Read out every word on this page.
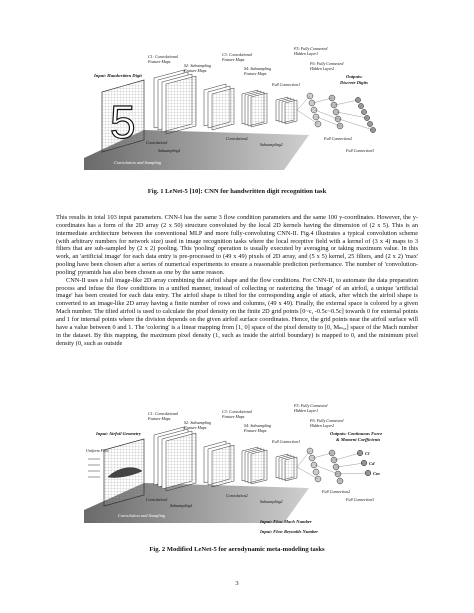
Convolution and Sampling
5
Input: Handwritten Digit
C1: Convolutional
Feature Maps
S2: Subsampling
Feature Maps
C3: Convolutional
Feature Maps
S4: Subsampling
Feature Maps
F5: Fully Connected
Hidden Layer1
F6: Fully Connected
Hidden Layer2
Outputs:
Discrete Digits
Full Connection1
Full Connection2
Full Connection3
Convolution1
Subsampling1
Convolution2
Subsampling2
Fig. 1 LeNet-5 [10]: CNN for handwritten digit recognition task

This results in total 103 input parameters. CNN-I has the same 3 flow condition parameters and the same 100 y-coordinates. However, the y-coordinates has a form of the 2D array (2 x 50) structure convoluted by the local 2D kernels having the dimension of (2 x 5). This is an intermediate architecture between the conventional MLP and more fully-convoluting CNN-II. Fig.4 illustrates a typical convolution scheme (with arbitrary numbers for network size) used in image recognition tasks where the local receptive field with a kernel of (3 x 4) maps to 3 filters that are sub-sampled by (2 x 2) pooling. This 'pooling' operation is usually executed by averaging or taking maximum value. In this work, an 'artificial image' for each data entry is pre-processed to (49 x 49) pixels of 2D array, and (5 x 5) kernel, 25 filters, and (2 x 2) 'max' pooling have been chosen after a series of numerical experiments to ensure a reasonable prediction performance. The number of 'convolution-pooling' pyramids has also been chosen as one by the same reason.

CNN-II uses a full image-like 2D array combining the airfoil shape and the flow conditions. For CNN-II, to automate the data preparation process and infuse the flow conditions in a unified manner, instead of collecting or rasterizing the 'image' of an airfoil, a unique 'artificial image' has been created for each data entry. The airfoil shape is tilted for the corresponding angle of attack, after which the airfoil shape is converted to an image-like 2D array having a finite number of rows and columns, (49 x 49). Finally, the external space is colored by a given Mach number. The tilted airfoil is used to calculate the pixel density on the finite 2D grid points [0~c, -0.5c~0.5c] towards 0 for external points and 1 for internal points where the division depends on the given airfoil surface coordinates. Hence, the grid points near the airfoil surface will have a value between 0 and 1. The 'coloring' is a linear mapping from [1, 0] space of the pixel density to [0, Mₘₐₓ] space of the Mach number in the dataset. By this mapping, the maximum pixel density (1, such as inside the airfoil boundary) is mapped to 0, and the minimum pixel density (0, such as outside

Convolution and Sampling
Input: Airfoil Geometry
Uniform Flow
Cl
Cd
Cm
C1: Convolutional
Feature Maps
S2: Subsampling
Feature Maps
C3: Convolutional
Feature Maps
S4: Subsampling
Feature Maps
F5: Fully Connected
Hidden Layer1
F6: Fully Connected
Hidden Layer2
Outputs: Continuous Force
& Moment Coefficients
Full Connection1
Full Connection2
Full Connection3
Convolution1
Subsampling1
Convolution2
Subsampling2
Input: Flow Mach Number
Input: Flow Reynolds Number
Fig. 2 Modified LeNet-5 for aerodynamic meta-modeling tasks
3
